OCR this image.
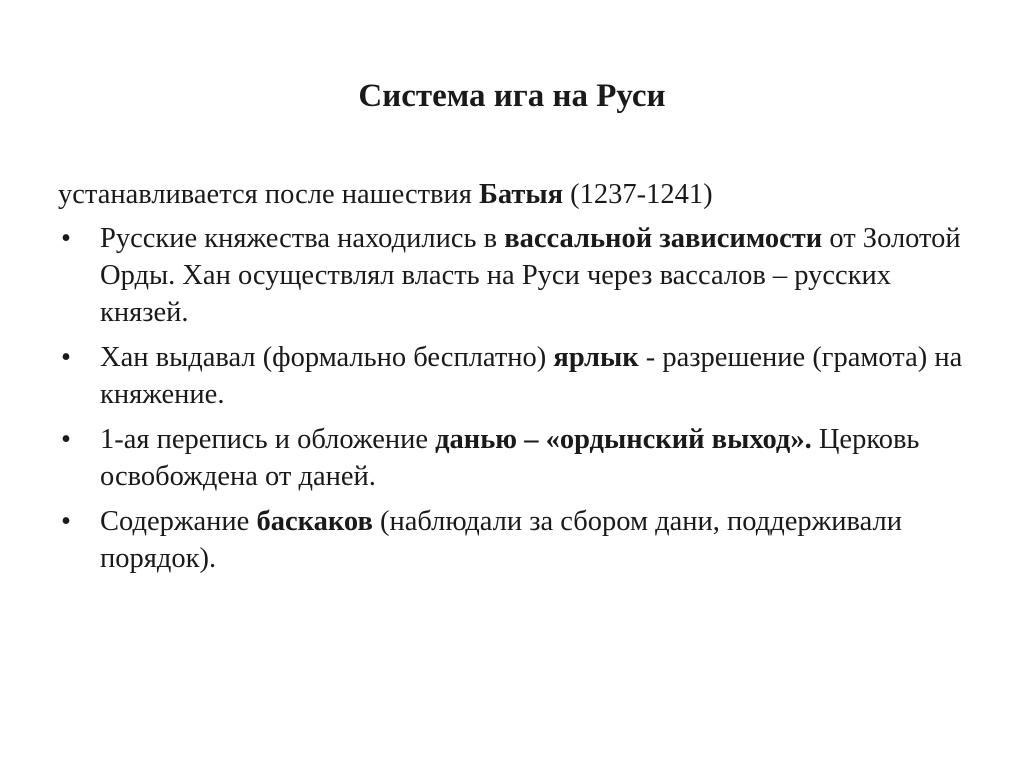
Система ига на Руси

устанавливается после нашествия Батыя (1237-1241)

• Русские княжества находились в вассальной зависимости от Золотой Орды. Хан осуществлял власть на Руси через вассалов – русских князей.
• Хан выдавал (формально бесплатно) ярлык - разрешение (грамота) на княжение.
• 1-ая перепись и обложение данью – «ордынский выход». Церковь освобождена от даней.
• Содержание баскаков (наблюдали за сбором дани, поддерживали порядок).
